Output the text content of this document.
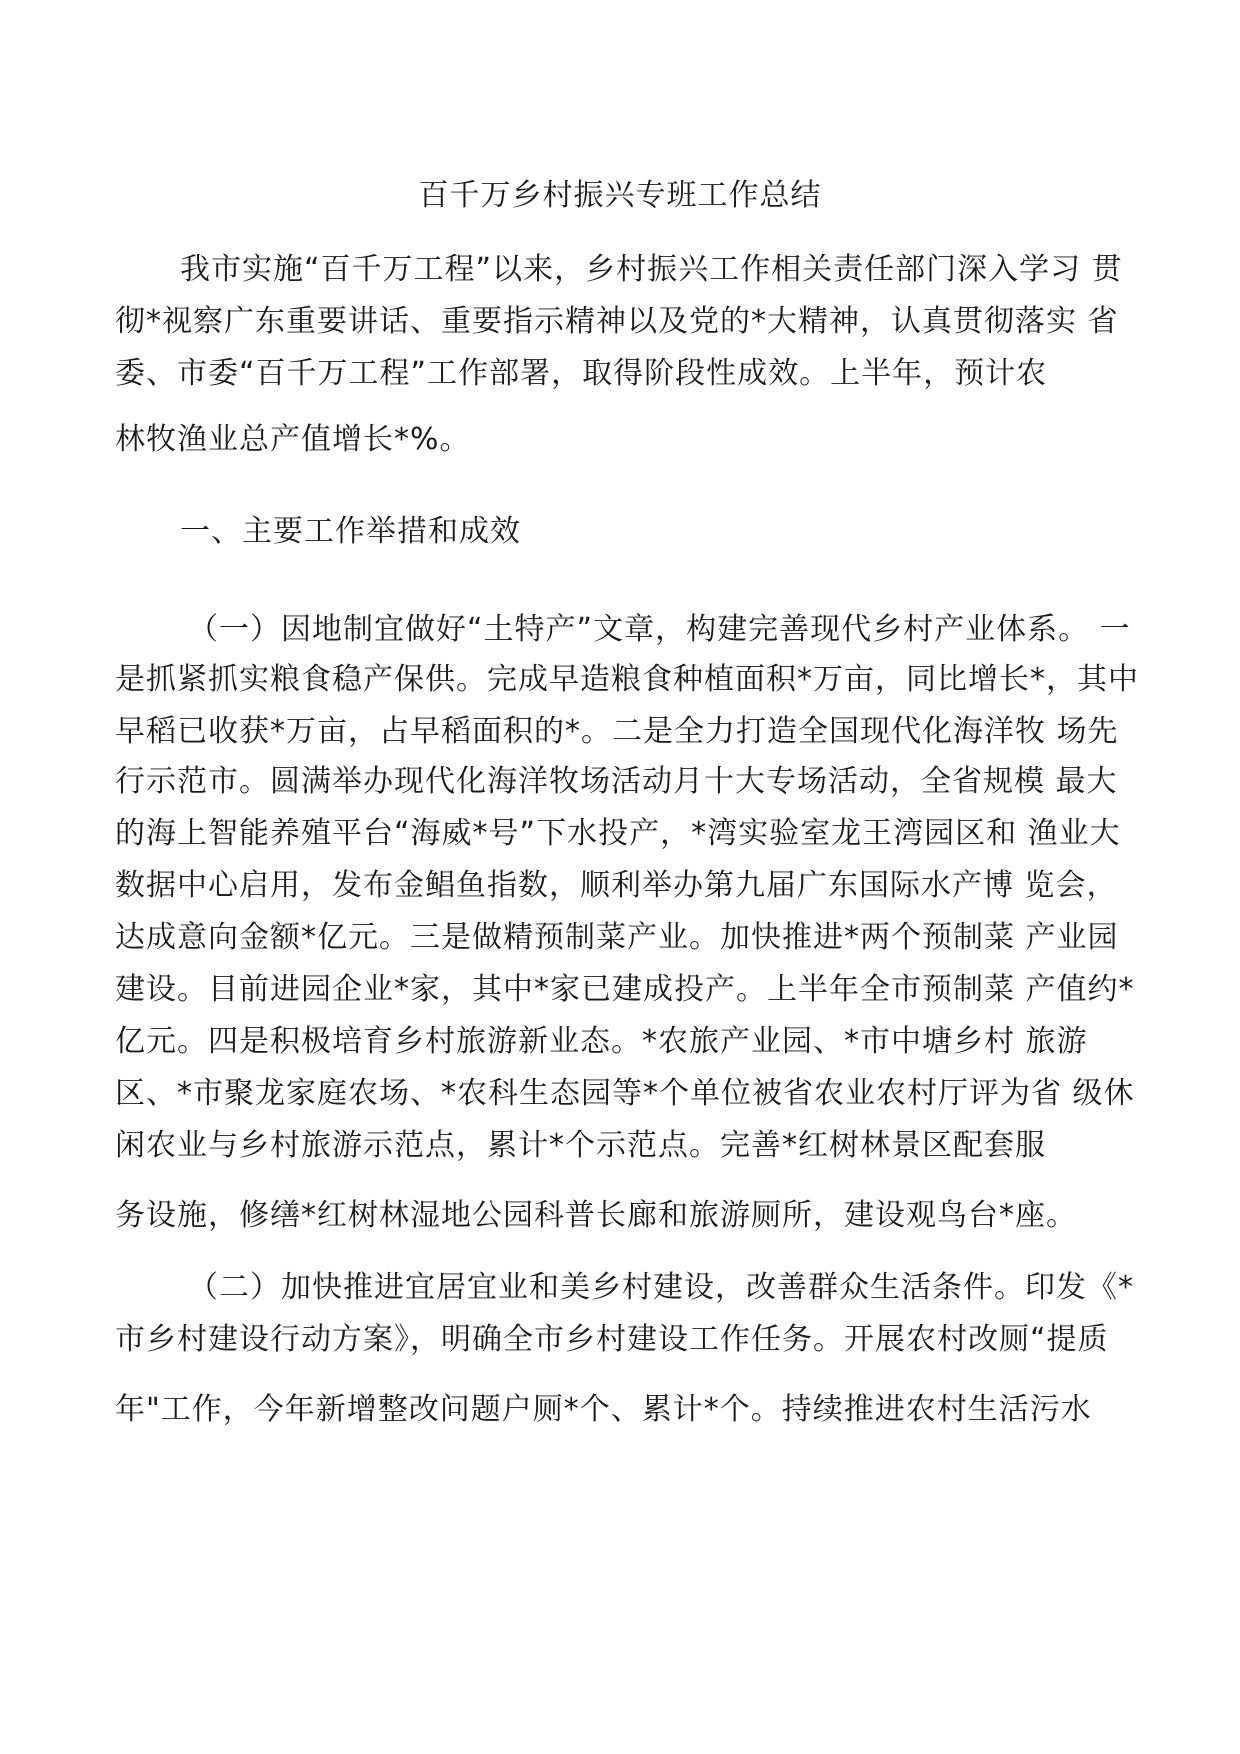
百千万乡村振兴专班工作总结
我市实施“百千万工程”以来，乡村振兴工作相关责任部门深入学习 贯
彻*视察广东重要讲话、重要指示精神以及党的*大精神，认真贯彻落实 省
委、市委“百千万工程”工作部署，取得阶段性成效。上半年，预计农
林牧渔业总产值增长*%。
一、主要工作举措和成效
（一）因地制宜做好“土特产”文章，构建完善现代乡村产业体系。 一
是抓紧抓实粮食稳产保供。完成早造粮食种植面积*万亩，同比增长*，其中
早稻已收获*万亩，占早稻面积的*。二是全力打造全国现代化海洋牧 场先
行示范市。圆满举办现代化海洋牧场活动月十大专场活动，全省规模 最大
的海上智能养殖平台“海威*号”下水投产，*湾实验室龙王湾园区和 渔业大
数据中心启用，发布金鲳鱼指数，顺利举办第九届广东国际水产博 览会，
达成意向金额*亿元。三是做精预制菜产业。加快推进*两个预制菜 产业园
建设。目前进园企业*家，其中*家已建成投产。上半年全市预制菜 产值约*
亿元。四是积极培育乡村旅游新业态。*农旅产业园、*市中塘乡村 旅游
区、*市聚龙家庭农场、*农科生态园等*个单位被省农业农村厅评为省 级休
闲农业与乡村旅游示范点，累计*个示范点。完善*红树林景区配套服
务设施，修缮*红树林湿地公园科普长廊和旅游厕所，建设观鸟台*座。
（二）加快推进宜居宜业和美乡村建设，改善群众生活条件。印发《*
市乡村建设行动方案》，明确全市乡村建设工作任务。开展农村改厕“提质
年"工作，今年新增整改问题户厕*个、累计*个。持续推进农村生活污水
